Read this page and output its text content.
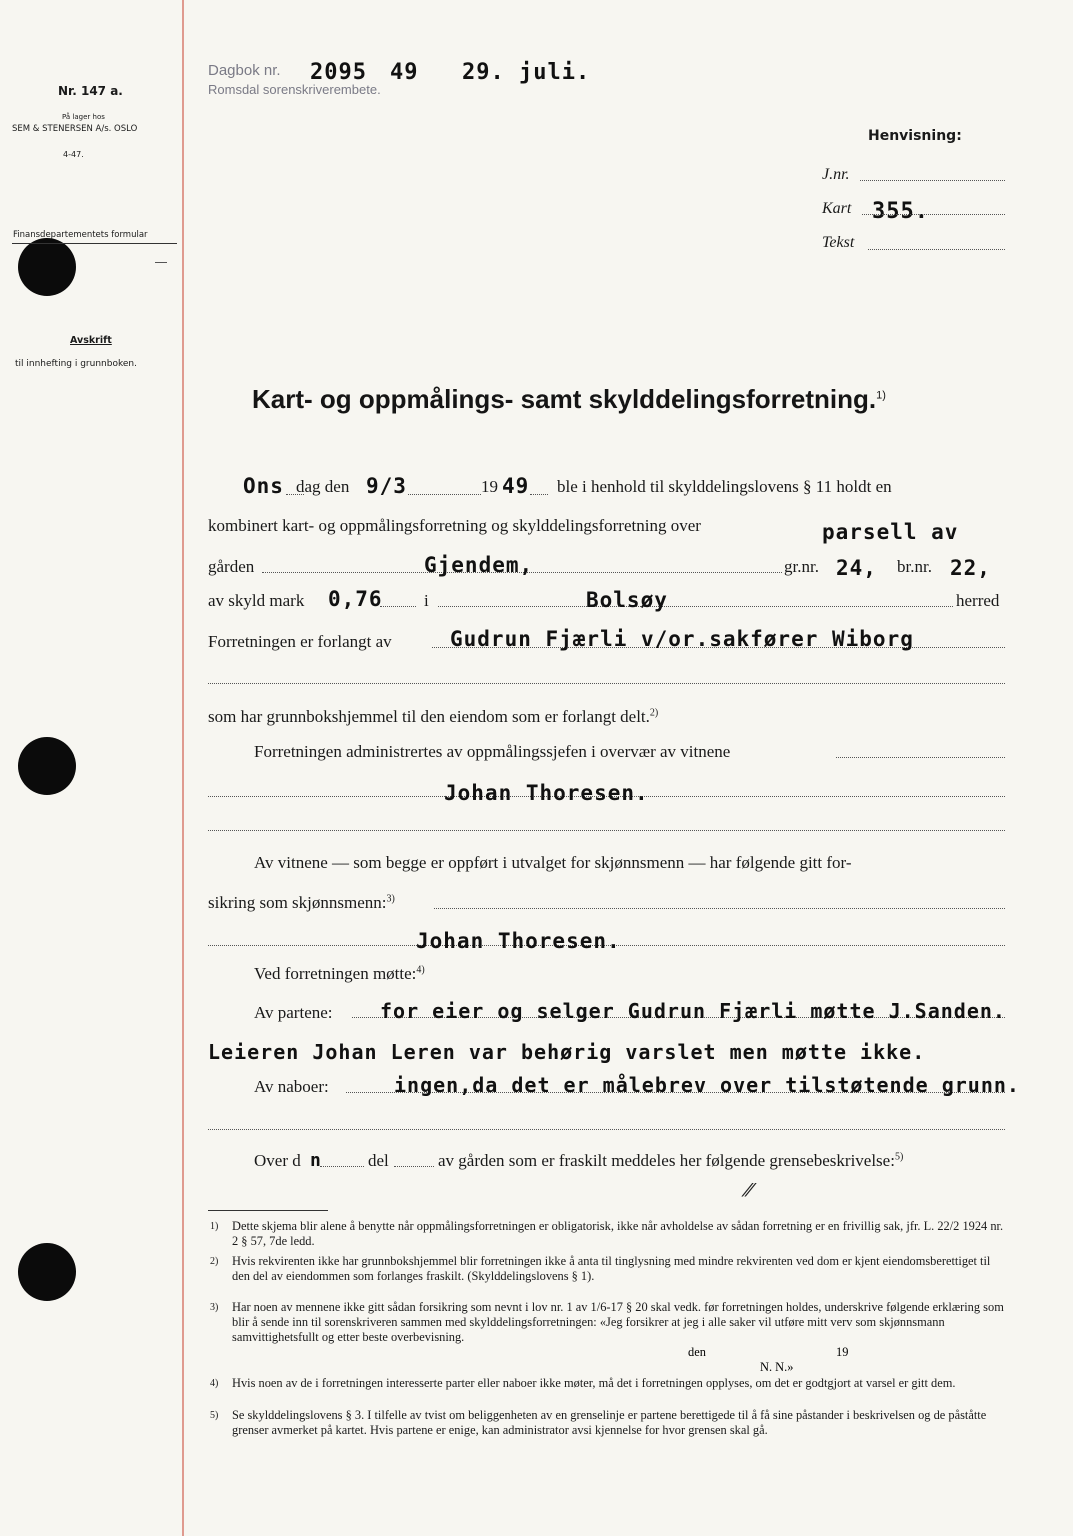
Nr. 147 a.
På lager hos
SEM & STENERSEN A/s. OSLO
4-47.
Finansdepartementets formular
Avskrift
til innhefting i grunnboken.
Dagbok nr.
Romsdal sorenskriverembete.
2095 49 29. juli.
Henvisning:
J.nr.
Kart 355.
Tekst
Kart- og oppmålings- samt skylddelingsforretning.$^{1)}$
Ons dag den 9/3	19 49 ble i henhold til skylddelingslovens § 11 holdt en
kombinert kart- og oppmålingsforretning og skylddelingsforretning over	parsell av
gården	Gjendem,	gr.nr. 24, br.nr. 22,
av skyld mark 0,76 i	Bolsøy	herred
Forretningen er forlangt av	Gudrun Fjærli v/or.sakfører Wiborg
som har grunnbokshjemmel til den eiendom som er forlangt delt.$^{2)}$
Forretningen administrertes av oppmålingssjefen i overvær av vitnene
Johan Thoresen.
Av vitnene — som begge er oppført i utvalget for skjønnsmenn — har følgende gitt for-
sikring som skjønnsmenn:$^{3)}$
Johan Thoresen.
Ved forretningen møtte:$^{4)}$
Av partene: for eier og selger Gudrun Fjærli møtte J.Sanden.
Leieren Johan Leren var behørig varslet men møtte ikke.
Av naboer:	ingen,da det er målebrev over tilstøtende grunn.
Over d n	del	av gården som er fraskilt meddeles her følgende grensebeskrivelse:$^{5)}$
⁄⁄
1) Dette skjema blir alene å benytte når oppmålingsforretningen er obligatorisk, ikke når avholdelse av sådan forretning er en frivillig sak, jfr. L. 22/2 1924 nr. 2 § 57, 7de ledd.
2) Hvis rekvirenten ikke har grunnbokshjemmel blir forretningen ikke å anta til tinglysning med mindre rekvirenten ved dom er kjent eiendomsberettiget til den del av eiendommen som forlanges fraskilt. (Skylddelingslovens § 1).
3) Har noen av mennene ikke gitt sådan forsikring som nevnt i lov nr. 1 av 1/6-17 § 20 skal vedk. før forretningen holdes, underskrive følgende erklæring som blir å sende inn til sorenskriveren sammen med skylddelingsforretningen: «Jeg forsikrer at jeg i alle saker vil utføre mitt verv som skjønnsmann samvittighetsfullt og etter beste overbevisning.
den	19
N. N.»
4) Hvis noen av de i forretningen interesserte parter eller naboer ikke møter, må det i forretningen opplyses, om det er godtgjort at varsel er gitt dem.
5) Se skylddelingslovens § 3. I tilfelle av tvist om beliggenheten av en grenselinje er partene berettigede til å få sine påstander i beskrivelsen og de påståtte grenser avmerket på kartet. Hvis partene er enige, kan administrator avsi kjennelse for hvor grensen skal gå.
